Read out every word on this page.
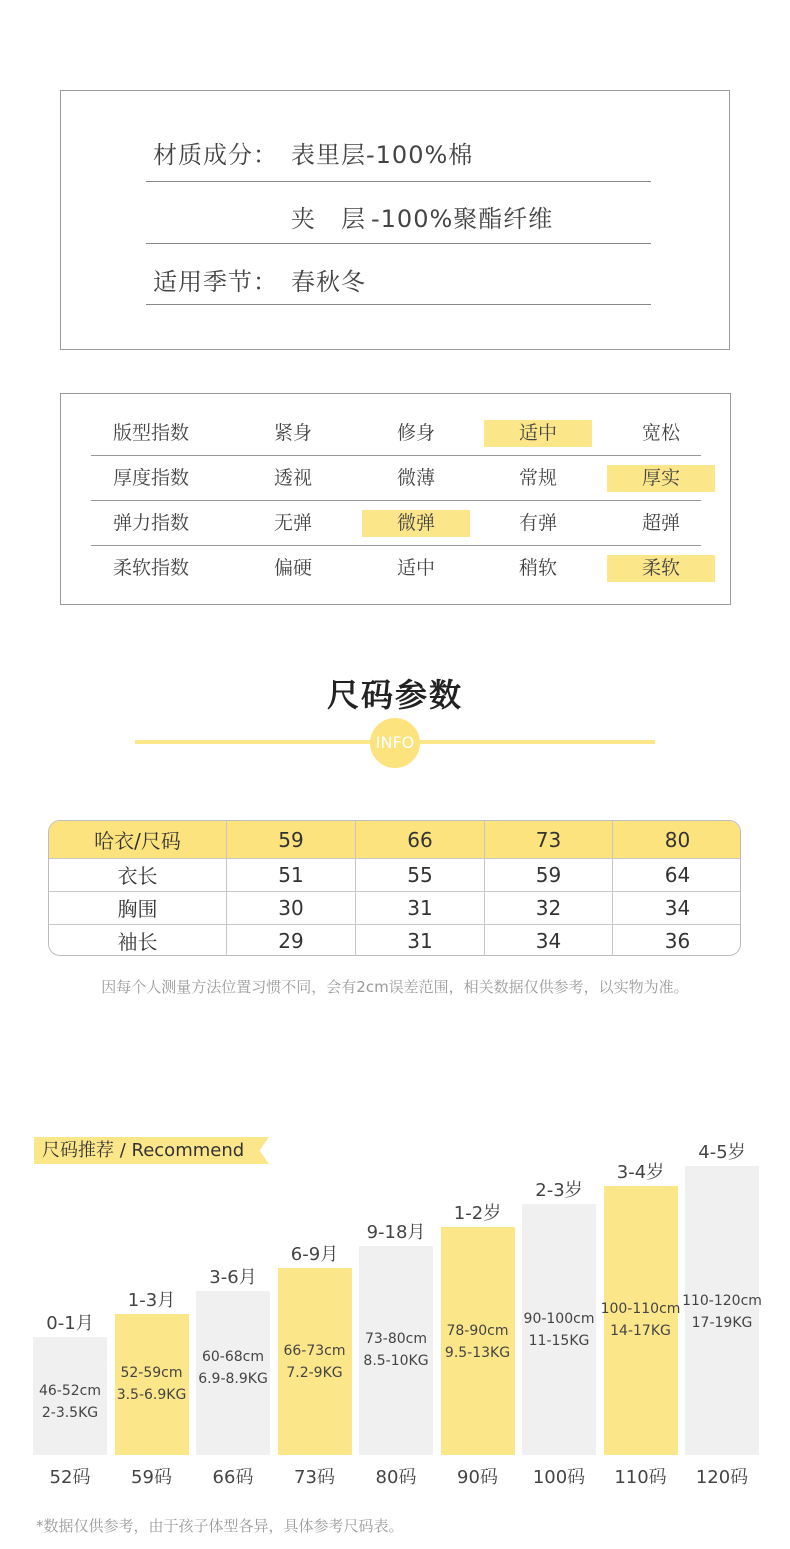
材质成分： 表里层-100%棉
夹　层 -100%聚酯纤维
适用季节： 春秋冬
版型指数	紧身	修身	适中	宽松
厚度指数	透视	微薄	常规	厚实
弹力指数	无弹	微弹	有弹	超弹
柔软指数	偏硬	适中	稍软	柔软
尺码参数
INFO
哈衣/尺码	59	66	73	80
衣长	51	55	59	64
胸围	30	31	32	34
袖长	29	31	34	36
因每个人测量方法位置习惯不同，会有2cm误差范围，相关数据仅供参考，以实物为准。
尺码推荐 / Recommend
0-1月
46-52cm
2-3.5KG
52码
1-3月
52-59cm
3.5-6.9KG
59码
3-6月
60-68cm
6.9-8.9KG
66码
6-9月
66-73cm
7.2-9KG
73码
9-18月
73-80cm
8.5-10KG
80码
1-2岁
78-90cm
9.5-13KG
90码
2-3岁
90-100cm
11-15KG
100码
3-4岁
100-110cm
14-17KG
110码
4-5岁
110-120cm
17-19KG
120码
*数据仅供参考，由于孩子体型各异，具体参考尺码表。
